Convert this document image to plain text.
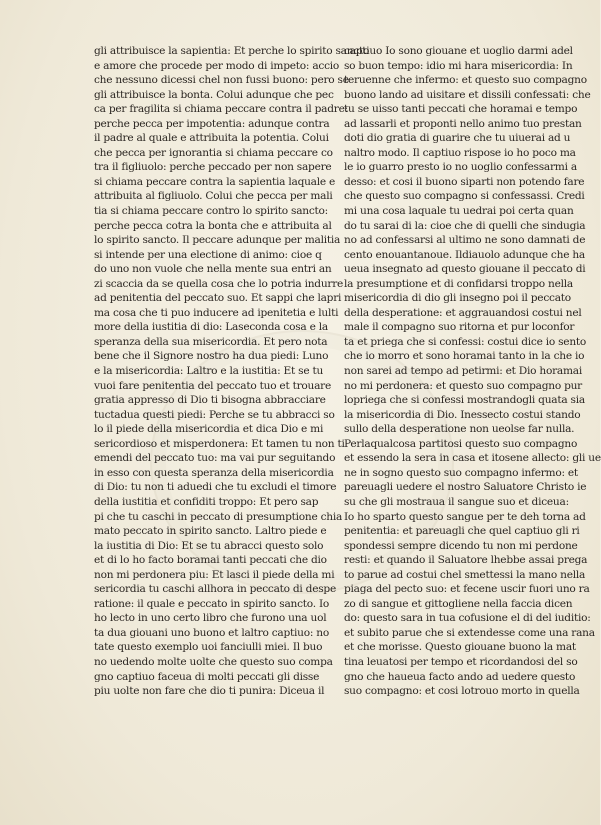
gli attribuisce la sapientia: Et perche lo spirito sancto
e amore che procede per modo di impeto: accio
che nessuno dicessi chel non fussi buono: pero se
gli attribuisce la bonta. Colui adunque che pec
ca per fragilita si chiama peccare contra il padre:
perche pecca per impotentia: adunque contra
il padre al quale e attribuita la potentia. Colui
che pecca per ignorantia si chiama peccare co
tra il figliuolo: perche peccado per non sapere
si chiama peccare contra la sapientia laquale e
attribuita al figliuolo. Colui che pecca per mali
tia si chiama peccare contro lo spirito sancto:
perche pecca cotra la bonta che e attribuita al
lo spirito sancto. Il peccare adunque per malitia
si intende per una electione di animo: cioe q
do uno non vuole che nella mente sua entri an
zi scaccia da se quella cosa che lo potria indurre
ad penitentia del peccato suo. Et sappi che lapri
ma cosa che ti puo inducere ad ipenitetia e lulti
more della iustitia di dio: Laseconda cosa e la
speranza della sua misericordia. Et pero nota
bene che il Signore nostro ha dua piedi: Luno
e la misericordia: Laltro e la iustitia: Et se tu
vuoi fare penitentia del peccato tuo et trouare
gratia appresso di Dio ti bisogna abbracciare
tuctadua questi piedi: Perche se tu abbracci so
lo il piede della misericordia et dica Dio e mi
sericordioso et misperdonera: Et tamen tu non ti
emendi del peccato tuo: ma vai pur seguitando
in esso con questa speranza della misericordia
di Dio: tu non ti aduedi che tu excludi el timore
della iustitia et confiditi troppo: Et pero sap
pi che tu caschi in peccato di presumptione chia
mato peccato in spirito sancto. Laltro piede e
la iustitia di Dio: Et se tu abracci questo solo
et di lo ho facto boramai tanti peccati che dio
non mi perdonera piu: Et lasci il piede della mi
sericordia tu caschi allhora in peccato di despe
ratione: il quale e peccato in spirito sancto. Io
ho lecto in uno certo libro che furono una uol
ta dua giouani uno buono et laltro captiuo: no
tate questo exemplo uoi fanciulli miei. Il buo
no uedendo molte uolte che questo suo compa
gno captiuo faceua di molti peccati gli disse
piu uolte non fare che dio ti punira: Diceua il
captiuo Io sono giouane et uoglio darmi adel
so buon tempo: idio mi hara misericordia: In
teruenne che infermo: et questo suo compagno
buono lando ad uisitare et dissili confessati: che
tu se uisso tanti peccati che horamai e tempo
ad lassarli et proponti nello animo tuo prestan
doti dio gratia di guarire che tu uiuerai ad u
naltro modo. Il captiuo rispose io ho poco ma
le io guarro presto io no uoglio confessarmi a
desso: et cosi il buono siparti non potendo fare
che questo suo compagno si confessassi. Credi
mi una cosa laquale tu uedrai poi certa quan
do tu sarai di la: cioe che di quelli che sindugia
no ad confessarsi al ultimo ne sono damnati de
cento enouantanoue. Ildiauolo adunque che ha
ueua insegnato ad questo giouane il peccato di
la presumptione et di confidarsi troppo nella
misericordia di dio gli insegno poi il peccato
della desperatione: et aggrauandosi costui nel
male il compagno suo ritorna et pur loconfor
ta et priega che si confessi: costui dice io sento
che io morro et sono horamai tanto in la che io
non sarei ad tempo ad petirmi: et Dio horamai
no mi perdonera: et questo suo compagno pur
lopriega che si confessi mostrandogli quata sia
la misericordia di Dio. Inessecto costui stando
sullo della desperatione non ueolse far nulla.
Perlaqualcosa partitosi questo suo compagno
et essendo la sera in casa et itosene allecto: gli ue
ne in sogno questo suo compagno infermo: et
pareuagli uedere el nostro Saluatore Christo ie
su che gli mostraua il sangue suo et diceua:
Io ho sparto questo sangue per te deh torna ad
penitentia: et pareuagli che quel captiuo gli ri
spondessi sempre dicendo tu non mi perdone
resti: et quando il Saluatore lhebbe assai prega
to parue ad costui chel smettessi la mano nella
piaga del pecto suo: et fecene uscir fuori uno ra
zo di sangue et gittogliene nella faccia dicen
do: questo sara in tua cofusione el di del iuditio:
et subito parue che si extendesse come una rana
et che morisse. Questo giouane buono la mat
tina leuatosi per tempo et ricordandosi del so
gno che haueua facto ando ad uedere questo
suo compagno: et cosi lotrouo morto in quella
